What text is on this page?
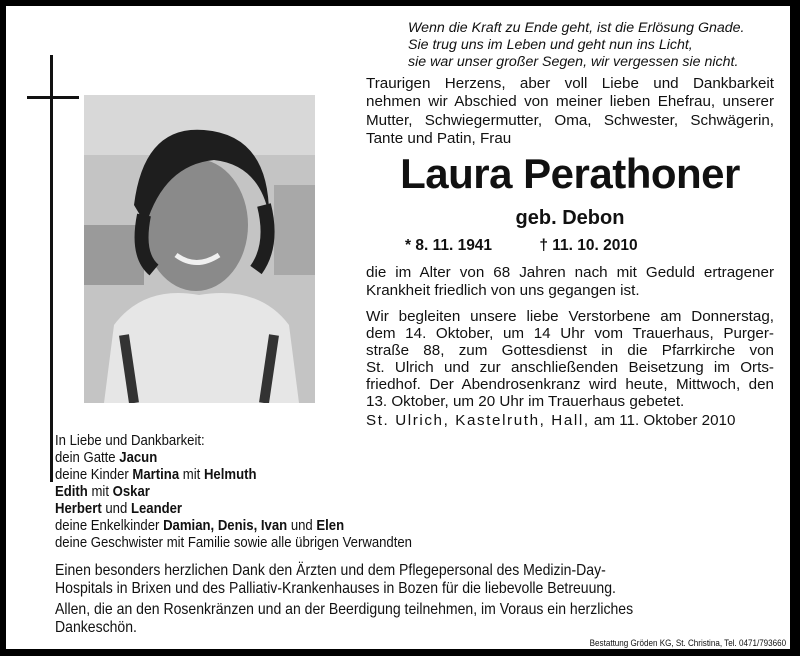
Wenn die Kraft zu Ende geht, ist die Erlösung Gnade.
Sie trug uns im Leben und geht nun ins Licht,
sie war unser großer Segen, wir vergessen sie nicht.
Traurigen Herzens, aber voll Liebe und Dankbarkeit
nehmen wir Abschied von meiner lieben Ehefrau, unserer
Mutter, Schwiegermutter, Oma, Schwester, Schwägerin,
Tante und Patin, Frau
Laura Perathoner
geb. Debon
* 8. 11. 1941	† 11. 10. 2010
die im Alter von 68 Jahren nach mit Geduld ertragener
Krankheit friedlich von uns gegangen ist.
Wir begleiten unsere liebe Verstorbene am Donnerstag,
dem 14. Oktober, um 14 Uhr vom Trauerhaus, Purger-
straße 88, zum Gottesdienst in die Pfarrkirche von
St. Ulrich und zur anschließenden Beisetzung im Orts-
friedhof. Der Abendrosenkranz wird heute, Mittwoch, den
13. Oktober, um 20 Uhr im Trauerhaus gebetet.
St. Ulrich, Kastelruth, Hall, am 11. Oktober 2010
In Liebe und Dankbarkeit:
dein Gatte Jacun
deine Kinder Martina mit Helmuth
Edith mit Oskar
Herbert und Leander
deine Enkelkinder Damian, Denis, Ivan und Elen
deine Geschwister mit Familie sowie alle übrigen Verwandten

Einen besonders herzlichen Dank den Ärzten und dem Pflegepersonal des Medizin-Day-
Hospitals in Brixen und des Palliativ-Krankenhauses in Bozen für die liebevolle Betreuung.

Allen, die an den Rosenkränzen und an der Beerdigung teilnehmen, im Voraus ein herzliches
Dankeschön.

Bestattung Gröden KG, St. Christina, Tel. 0471/793660
